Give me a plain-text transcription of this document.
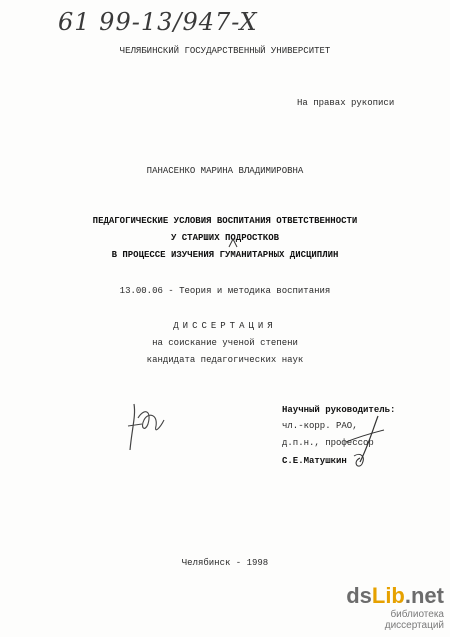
61 99-13/947-X
ЧЕЛЯБИНСКИЙ ГОСУДАРСТВЕННЫЙ УНИВЕРСИТЕТ
На правах рукописи
ПАНАСЕНКО МАРИНА ВЛАДИМИРОВНА
ПЕДАГОГИЧЕСКИЕ УСЛОВИЯ ВОСПИТАНИЯ ОТВЕТСТВЕННОСТИ
У СТАРШИХ ПОДРОСТКОВ
В ПРОЦЕССЕ ИЗУЧЕНИЯ ГУМАНИТАРНЫХ ДИСЦИПЛИН
13.00.06 - Теория и методика воспитания
ДИССЕРТАЦИЯ
на соискание ученой степени
кандидата педагогических наук
Научный руководитель:
чл.-корр. РАО,
д.п.н., профессор
С.Е.Матушкин
Челябинск - 1998
dsLib.net
библиотека диссертаций
